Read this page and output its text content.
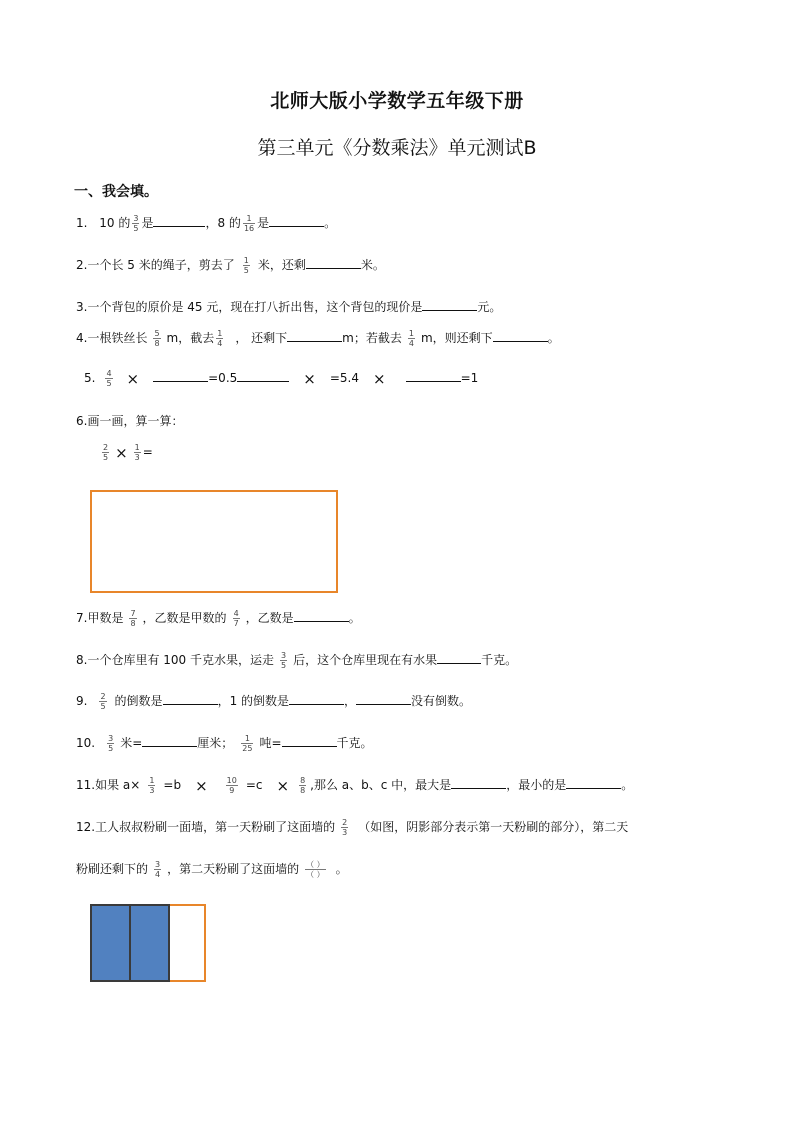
北师大版小学数学五年级下册
第三单元《分数乘法》单元测试B
一、我会填。
1. 10 的 $\frac{3}{5}$ 是	，8 的 $\frac{1}{16}$ 是	。
2.一个长 5 米的绳子，剪去了 $\frac{1}{5}$ 米，还剩	米。
3.一个背包的原价是 45 元，现在打八折出售，这个背包的现价是	元。
4.一根铁丝长 $\frac{5}{8}$ m，截去 $\frac{1}{4}$ ， 还剩下	m；若截去 $\frac{1}{4}$ m，则还剩下	。
5. $\frac{4}{5}$ ×	=0.5	× =5.4 ×	=1
6.画一画，算一算：
$\frac{2}{5} \times \frac{1}{3}$ =
7.甲数是 $\frac{7}{8}$ ，乙数是甲数的 $\frac{4}{7}$ ，乙数是	。
8.一个仓库里有 100 千克水果，运走 $\frac{3}{5}$ 后，这个仓库里现在有水果	千克。
9. $\frac{2}{5}$ 的倒数是	，1 的倒数是	，	没有倒数。
10. $\frac{3}{5}$ 米=	厘米； $\frac{1}{25}$ 吨=	千克。
11.如果 $a\times \frac{1}{3} =b \times \frac{10}{9} =c \times \frac{8}{8}$ ,那么 a、b、c 中，最大是	，最小的是	。
12.工人叔叔粉刷一面墙，第一天粉刷了这面墙的 $\frac{2}{3}$ （如图，阴影部分表示第一天粉刷的部分），第二天
粉刷还剩下的 $\frac{3}{4}$ ，第二天粉刷了这面墙的 （ ）
（ ） 。
